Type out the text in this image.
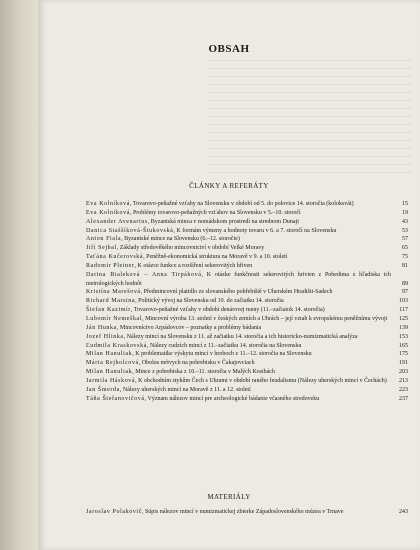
OBSAH
ČLÁNKY A REFERÁTY
Eva Kolníková, Tovarovo-peňažné vzťahy na Slovensku v období od 5. do polovice 14. storočia (koloksvát)	15
Eva Kolníková, Problémy tovarovo-peňažných vzťahov na Slovensku v 5.–10. storočí	19
Alexander Avenarius, Byzantská minca v nomádskom prostredí na strednom Dunaji	43
Danica Staššíková-Štukovská, K formám výmeny a hodnoty tovaru v 6. a 7. storočí na Slovensku	53
Anton Fiala, Byzantské mince na Slovensku (6.–12. storočie)	57
Jiří Sejbal, Základy středověkého mincovnictví v období Velké Moravy	65
Taťána Kučerovská, Peněžně-ekonomická struktura na Moravě v 9. a 10. století	75
Radomír Pleiner, K otázce funkce a rozšíření sekerovitých hřiven	81
Darina Bialeková – Anna Tirpáková, K otázke funkčnosti sekerovitých hrivien z Pobedima z hľadiska ich metrologických hodnôt	89
Kristína Marešová, Předmincovní platidlo ze slovanského pohřebiště v Uherském Hradišti-Sadech	97
Richard Marsina, Politický vývoj na Slovensku od 10. do začiatku 14. storočia	103
Štefan Kazimír, Tovarovo-peňažné vzťahy v období denárovej meny (11.–začiatok 14. storočia)	117
Lubomír Nemeškal, Mincovní výroba 13. století v českých zemích a Uhrách – její vztah k evropskému peněžnímu vývoji	125
Ján Hunka, Mincovníctvo Arpádovcov – poznatky a problémy bádania	139
Jozef Hlinka, Nálezy mincí na Slovensku z 11. až začiatku 14. storočia a ich historicko-numizmatická analýza	153
Ľudmila Kraskovská, Nálezy cudzích mincí z 11.–začiatku 14. storočia na Slovensku	165
Milan Hanuliak, K problematike výskytu mincí v hroboch z 11.–12. storočia na Slovensku	175
Mária Rejholcová, Obolus mŕtvych na pohrebisku v Čakajovciach	191
Milan Hanuliak, Mince z pohrebiska z 10.–11. storočia v Malých Kosihách	203
Jarmila Hásková, K obchodním stykům Čech s Uhrami v období raného feudalismu (Nálezy uherských mincí v Čechách)	213
Jan Šmerda, Nálezy uherských mincí na Moravě z 11. a 12. století	223
Táňa Štefanovičová, Význam nálezov mincí pre archeologické bádanie včasného stredoveku	237
MATERIÁLY
Jaroslav Polakovič, Súpis nálezov mincí v numizmatickej zbierke Západoslovenského múzea v Trnave	243
